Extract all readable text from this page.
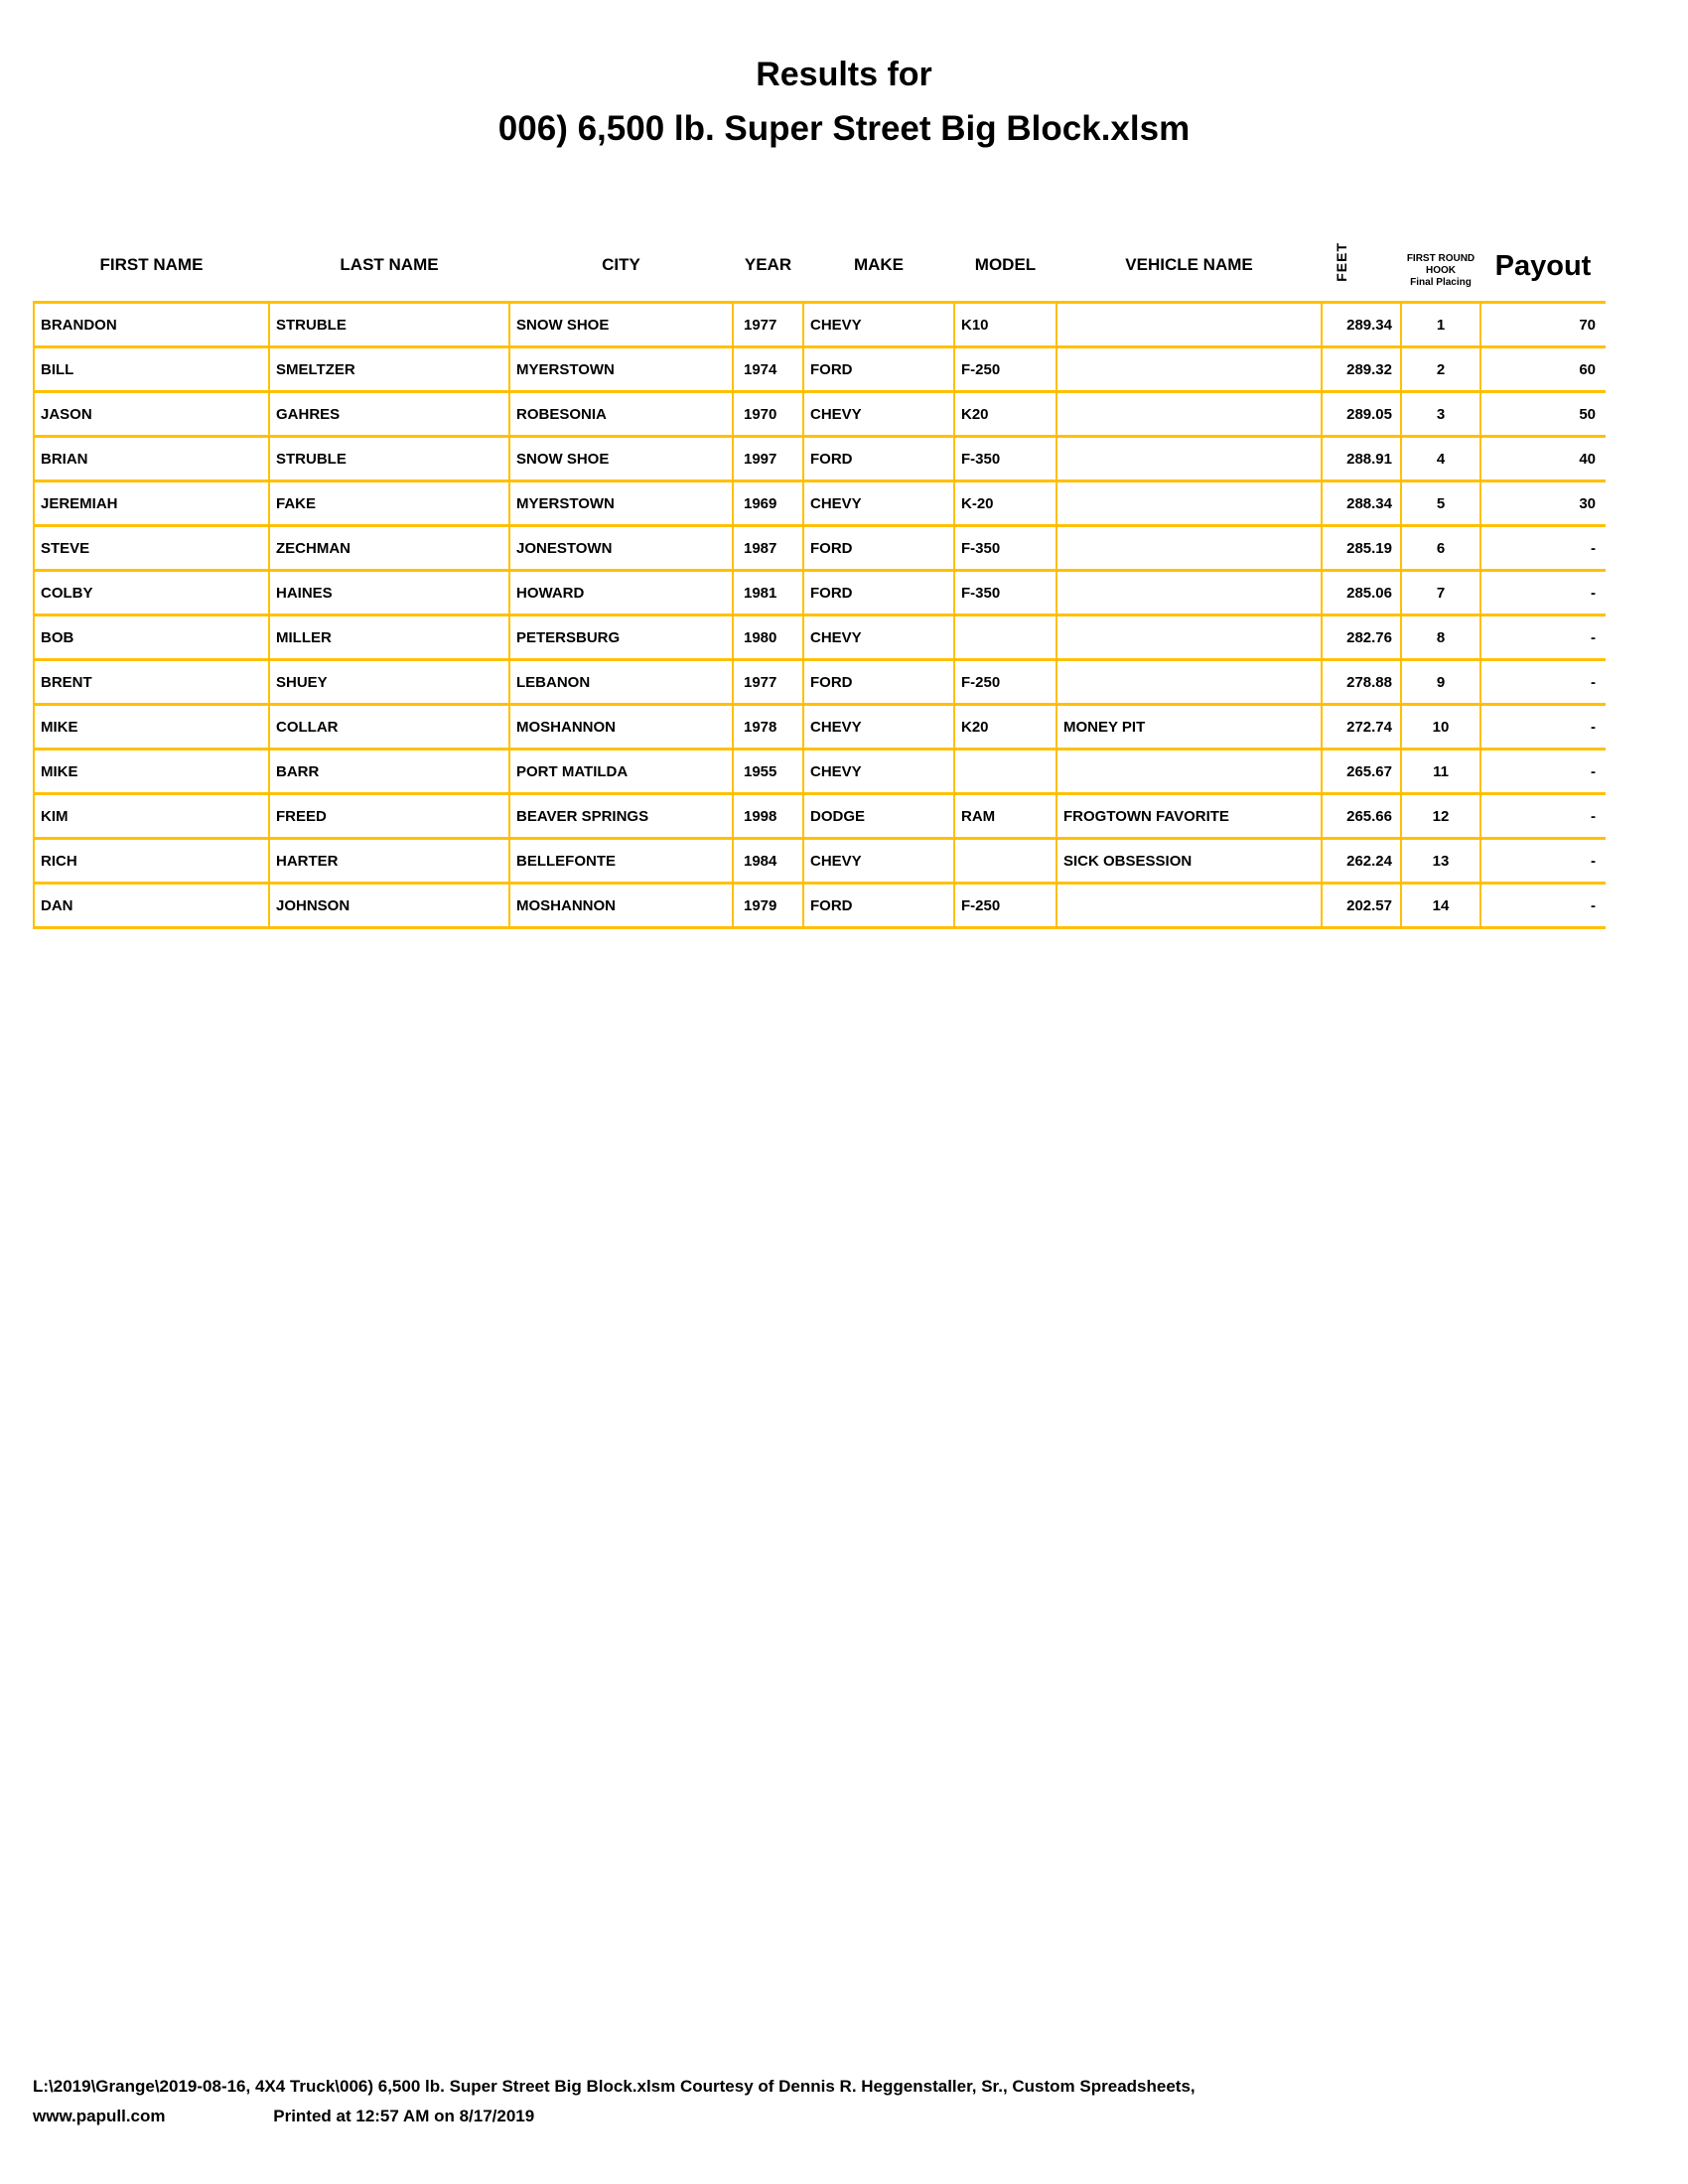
Results for
006) 6,500 lb. Super Street Big Block.xlsm
FIRST NAME	LAST NAME	CITY	YEAR	MAKE	MODEL	VEHICLE NAME	FEET	FIRST ROUND
HOOK
Final Placing	Payout
BRANDON	STRUBLE	SNOW SHOE	1977	CHEVY	K10		289.34	1	70
BILL	SMELTZER	MYERSTOWN	1974	FORD	F-250		289.32	2	60
JASON	GAHRES	ROBESONIA	1970	CHEVY	K20		289.05	3	50
BRIAN	STRUBLE	SNOW SHOE	1997	FORD	F-350		288.91	4	40
JEREMIAH	FAKE	MYERSTOWN	1969	CHEVY	K-20		288.34	5	30
STEVE	ZECHMAN	JONESTOWN	1987	FORD	F-350		285.19	6	-
COLBY	HAINES	HOWARD	1981	FORD	F-350		285.06	7	-
BOB	MILLER	PETERSBURG	1980	CHEVY			282.76	8	-
BRENT	SHUEY	LEBANON	1977	FORD	F-250		278.88	9	-
MIKE	COLLAR	MOSHANNON	1978	CHEVY	K20	MONEY PIT	272.74	10	-
MIKE	BARR	PORT MATILDA	1955	CHEVY			265.67	11	-
KIM	FREED	BEAVER SPRINGS	1998	DODGE	RAM	FROGTOWN FAVORITE	265.66	12	-
RICH	HARTER	BELLEFONTE	1984	CHEVY		SICK OBSESSION	262.24	13	-
DAN	JOHNSON	MOSHANNON	1979	FORD	F-250		202.57	14	-
L:\2019\Grange\2019-08-16, 4X4 Truck\006) 6,500 lb. Super Street Big Block.xlsm Courtesy of Dennis R. Heggenstaller, Sr., Custom Spreadsheets,
www.papull.com	Printed at 12:57 AM on 8/17/2019
